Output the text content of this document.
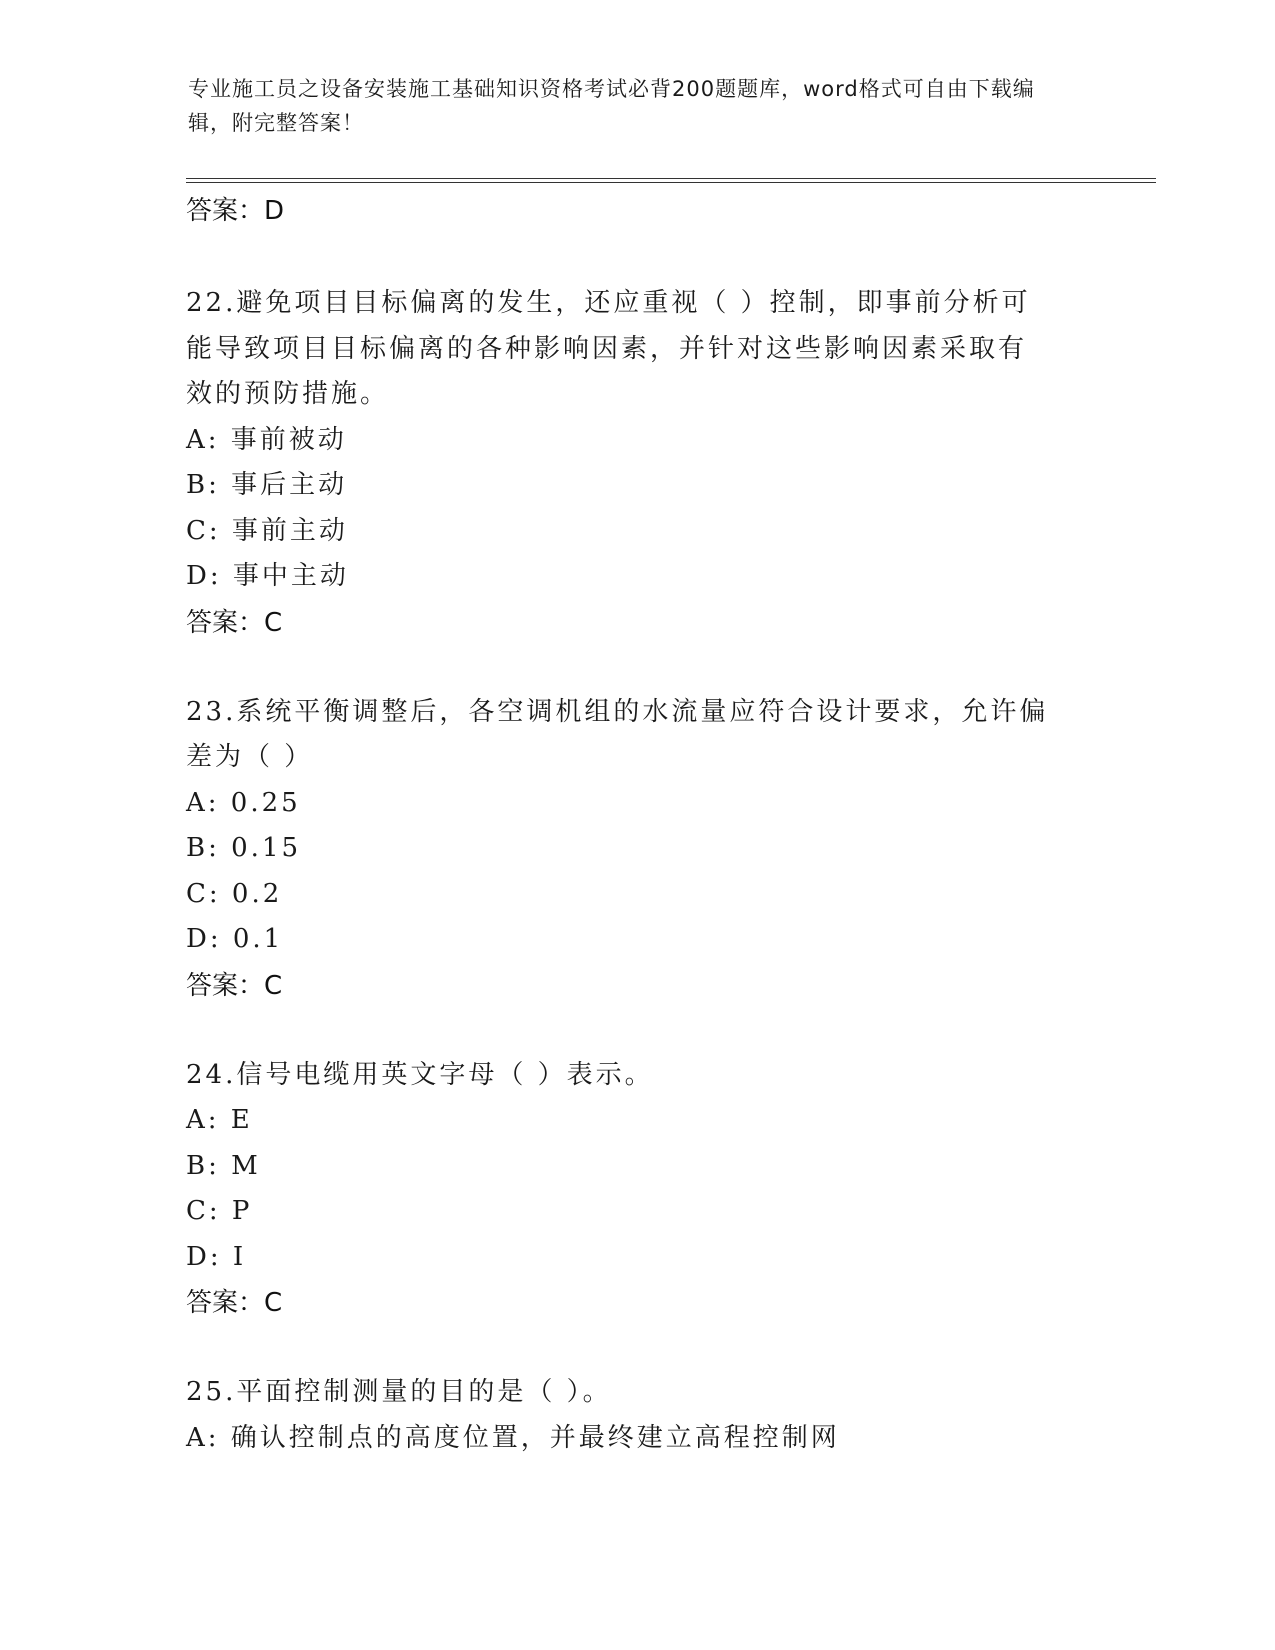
专业施工员之设备安装施工基础知识资格考试必背200题题库，word格式可自由下载编辑，附完整答案！
答案：D
22.避免项目目标偏离的发生，还应重视（ ）控制，即事前分析可能导致项目目标偏离的各种影响因素，并针对这些影响因素采取有效的预防措施。
A: 事前被动
B: 事后主动
C: 事前主动
D: 事中主动
答案：C
23.系统平衡调整后，各空调机组的水流量应符合设计要求，允许偏差为（ ）
A: 0.25
B: 0.15
C: 0.2
D: 0.1
答案：C
24.信号电缆用英文字母（ ）表示。
A: E
B: M
C: P
D: I
答案：C
25.平面控制测量的目的是（ ）。
A: 确认控制点的高度位置，并最终建立高程控制网
